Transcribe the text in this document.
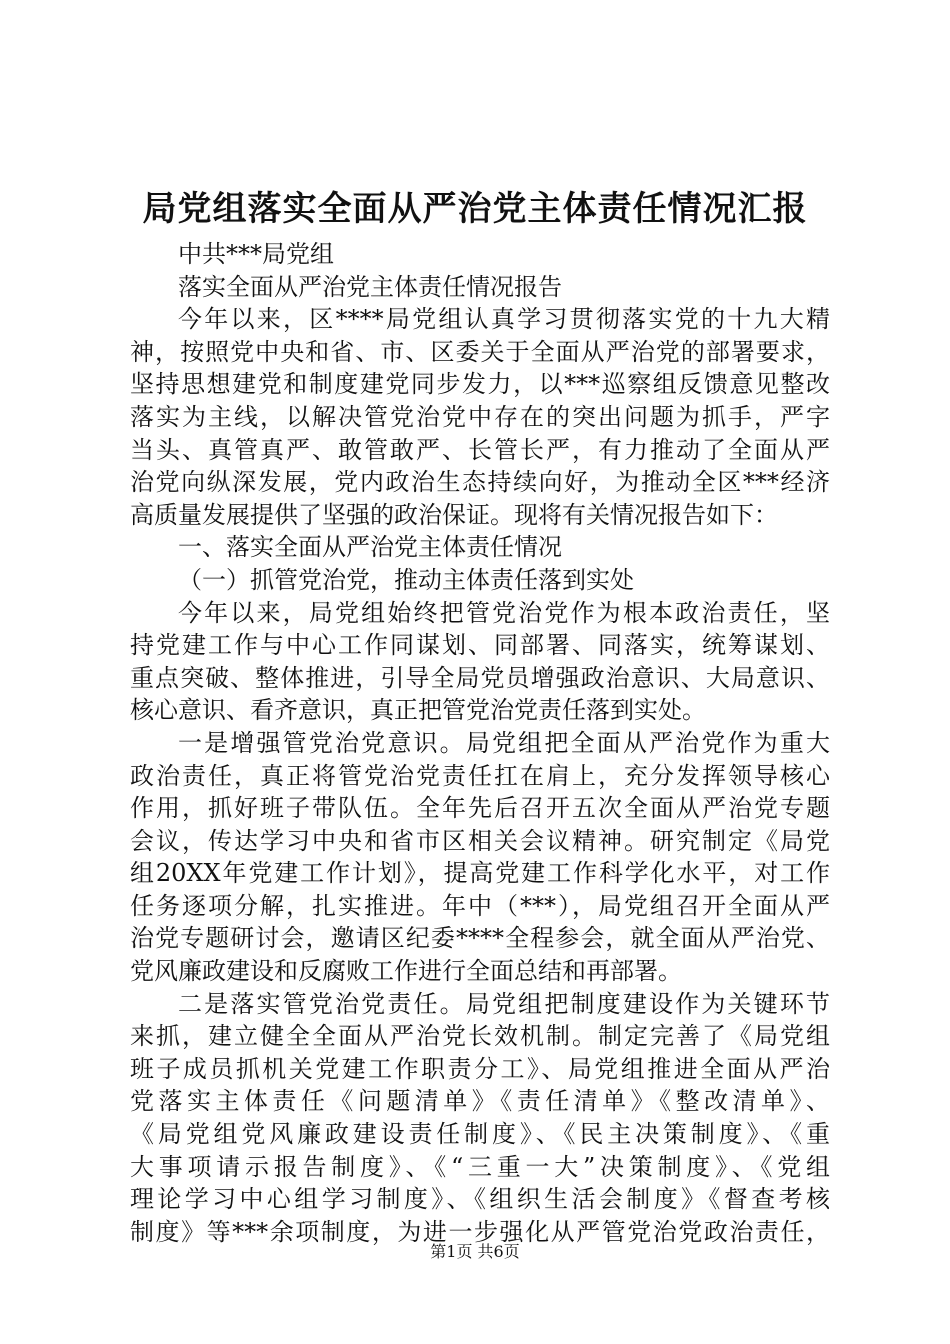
局党组落实全面从严治党主体责任情况汇报
中共***局党组
落实全面从严治党主体责任情况报告
今年以来，区****局党组认真学习贯彻落实党的十九大精
神，按照党中央和省、市、区委关于全面从严治党的部署要求，
坚持思想建党和制度建党同步发力，以***巡察组反馈意见整改
落实为主线，以解决管党治党中存在的突出问题为抓手，严字
当头、真管真严、敢管敢严、长管长严，有力推动了全面从严
治党向纵深发展，党内政治生态持续向好，为推动全区***经济
高质量发展提供了坚强的政治保证。现将有关情况报告如下：
一、落实全面从严治党主体责任情况
（一）抓管党治党，推动主体责任落到实处
今年以来，局党组始终把管党治党作为根本政治责任，坚
持党建工作与中心工作同谋划、同部署、同落实，统筹谋划、
重点突破、整体推进，引导全局党员增强政治意识、大局意识、
核心意识、看齐意识，真正把管党治党责任落到实处。
一是增强管党治党意识。局党组把全面从严治党作为重大
政治责任，真正将管党治党责任扛在肩上，充分发挥领导核心
作用，抓好班子带队伍。全年先后召开五次全面从严治党专题
会议，传达学习中央和省市区相关会议精神。研究制定《局党
组20XX年党建工作计划》，提高党建工作科学化水平，对工作
任务逐项分解，扎实推进。年中（***），局党组召开全面从严
治党专题研讨会，邀请区纪委****全程参会，就全面从严治党、
党风廉政建设和反腐败工作进行全面总结和再部署。
二是落实管党治党责任。局党组把制度建设作为关键环节
来抓，建立健全全面从严治党长效机制。制定完善了《局党组
班子成员抓机关党建工作职责分工》、局党组推进全面从严治
党落实主体责任《问题清单》《责任清单》《整改清单》、
《局党组党风廉政建设责任制度》、《民主决策制度》、《重
大事项请示报告制度》、《“三重一大”决策制度》、《党组
理论学习中心组学习制度》、《组织生活会制度》《督查考核
制度》等***余项制度，为进一步强化从严管党治党政治责任，
第1页 共6页
